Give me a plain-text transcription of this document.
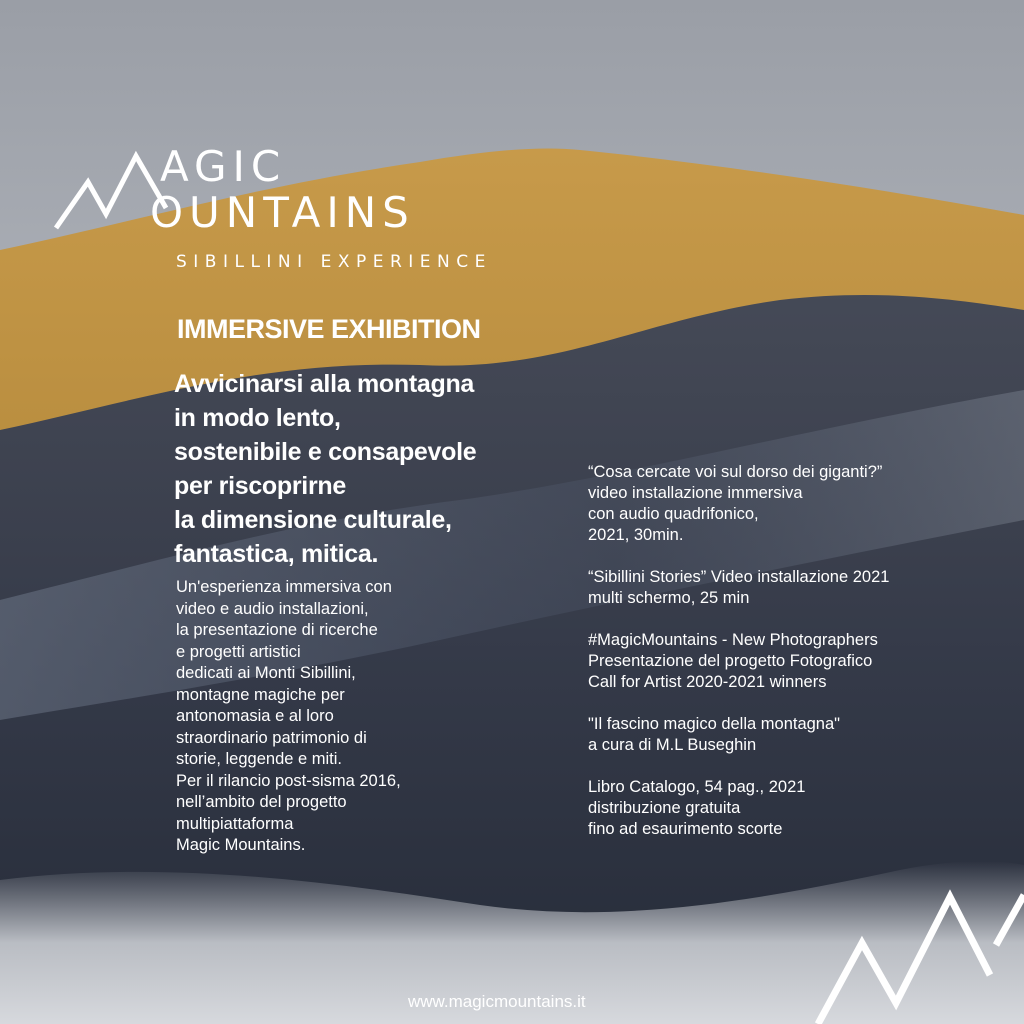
AGIC
OUNTAINS
SIBILLINI EXPERIENCE
IMMERSIVE EXHIBITION
Avvicinarsi alla montagna
in modo lento,
sostenibile e consapevole
per riscoprirne
la dimensione culturale,
fantastica, mitica.
Un'esperienza immersiva con
video e audio installazioni,
la presentazione di ricerche
e progetti artistici
dedicati ai Monti Sibillini,
montagne magiche per
antonomasia e al loro
straordinario patrimonio di
storie, leggende e miti.
Per il rilancio post-sisma 2016,
nell’ambito del progetto
multipiattaforma
Magic Mountains.
“Cosa cercate voi sul dorso dei giganti?”
video installazione immersiva
con audio quadrifonico,
2021, 30min.
“Sibillini Stories” Video installazione 2021
multi schermo, 25 min
#MagicMountains - New Photographers
Presentazione del progetto Fotografico
Call for Artist 2020-2021 winners
"Il fascino magico della montagna"
a cura di M.L Buseghin
Libro Catalogo, 54 pag., 2021
distribuzione gratuita
fino ad esaurimento scorte
www.magicmountains.it
